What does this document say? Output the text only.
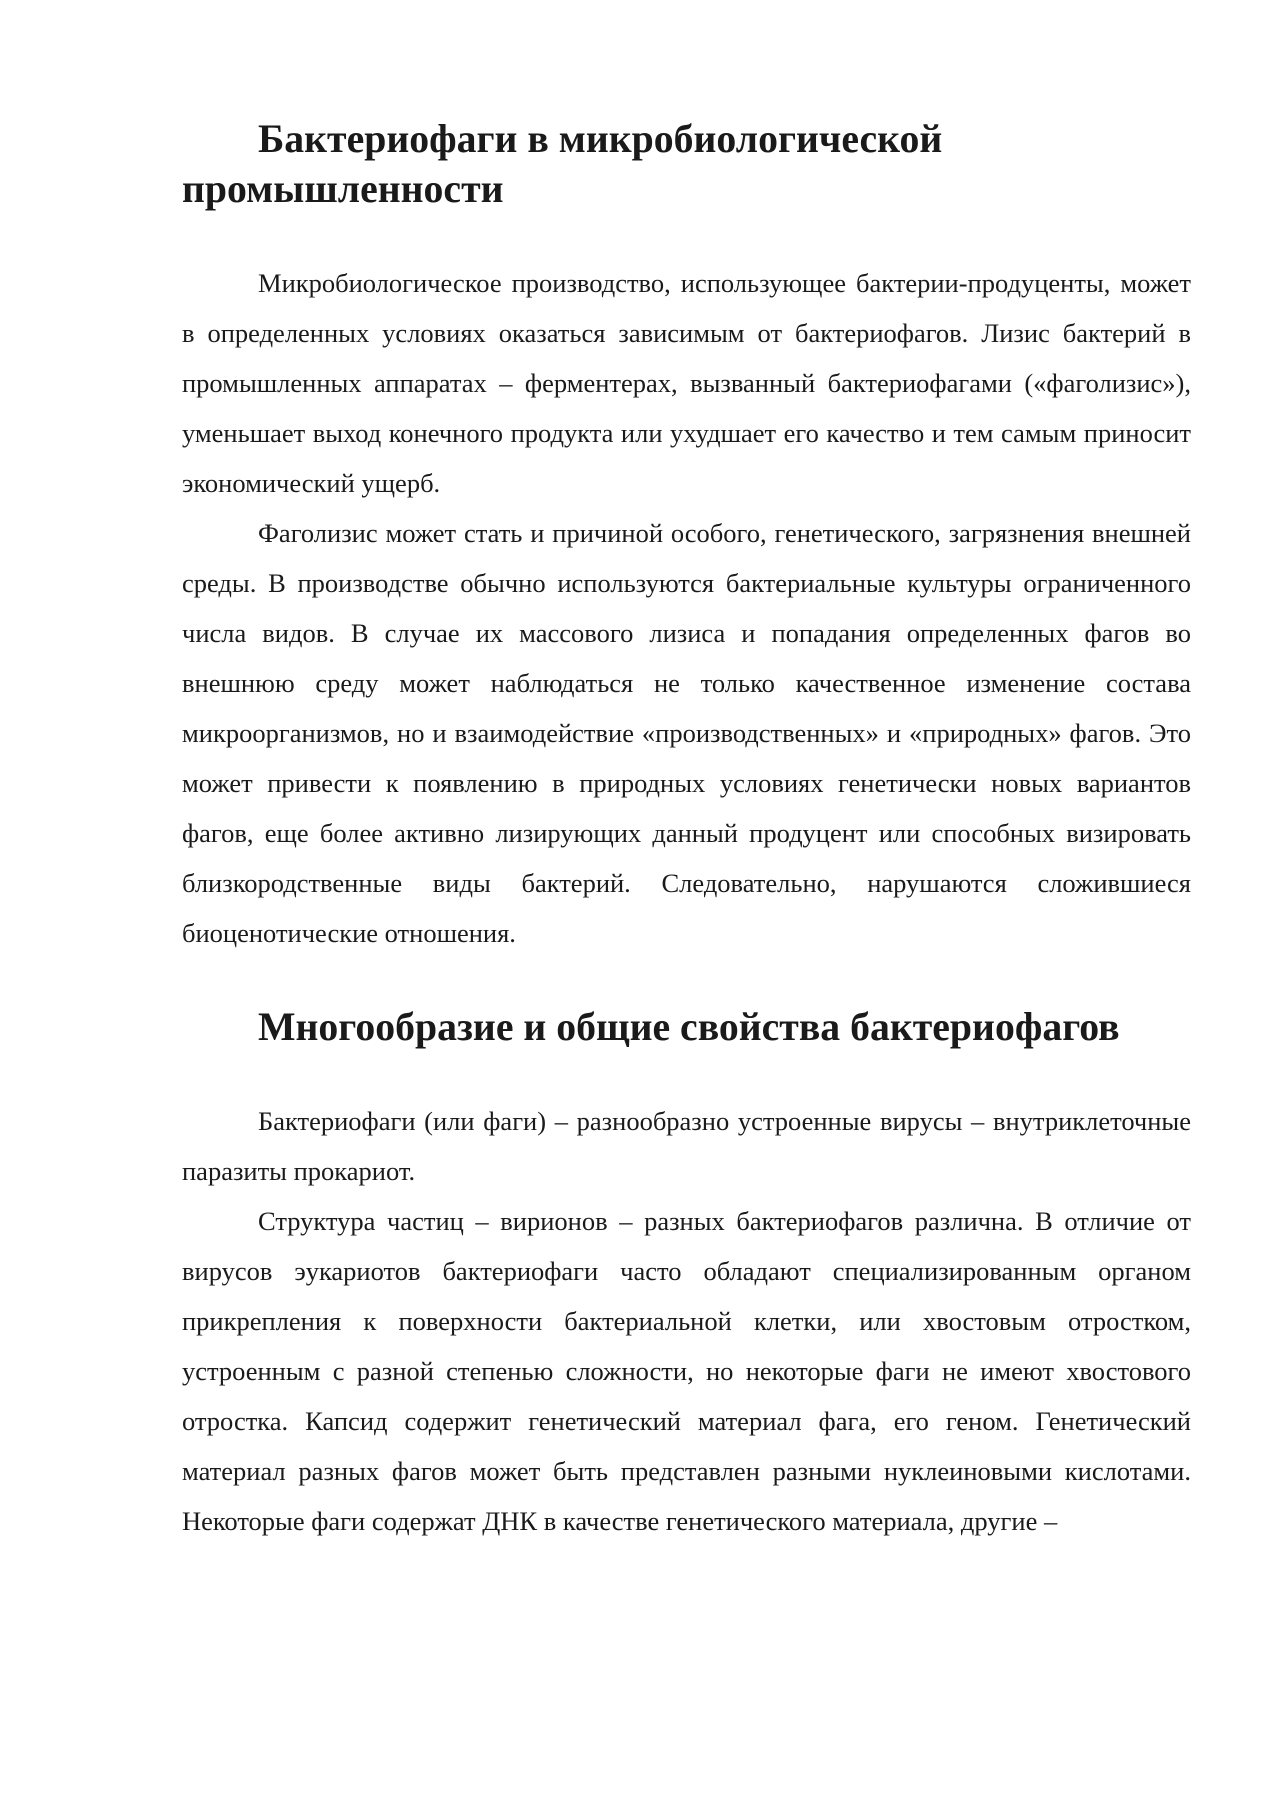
Бактериофаги в микробиологической промышленности

Микробиологическое производство, использующее бактерии-продуценты, может в определенных условиях оказаться зависимым от бактериофагов. Лизис бактерий в промышленных аппаратах – ферментерах, вызванный бактериофагами («фаголизис»), уменьшает выход конечного продукта или ухудшает его качество и тем самым приносит экономический ущерб.

Фаголизис может стать и причиной особого, генетического, загрязнения внешней среды. В производстве обычно используются бактериальные культуры ограниченного числа видов. В случае их массового лизиса и попадания определенных фагов во внешнюю среду может наблюдаться не только качественное изменение состава микроорганизмов, но и взаимодействие «производственных» и «природных» фагов. Это может привести к появлению в природных условиях генетически новых вариантов фагов, еще более активно лизирующих данный продуцент или способных визировать близкородственные виды бактерий. Следовательно, нарушаются сложившиеся биоценотические отношения.

Многообразие и общие свойства бактериофагов

Бактериофаги (или фаги) – разнообразно устроенные вирусы – внутриклеточные паразиты прокариот.

Структура частиц – вирионов – разных бактериофагов различна. В отличие от вирусов эукариотов бактериофаги часто обладают специализированным органом прикрепления к поверхности бактериальной клетки, или хвостовым отростком, устроенным с разной степенью сложности, но некоторые фаги не имеют хвостового отростка. Капсид содержит генетический материал фага, его геном. Генетический материал разных фагов может быть представлен разными нуклеиновыми кислотами. Некоторые фаги содержат ДНК в качестве генетического материала, другие –
